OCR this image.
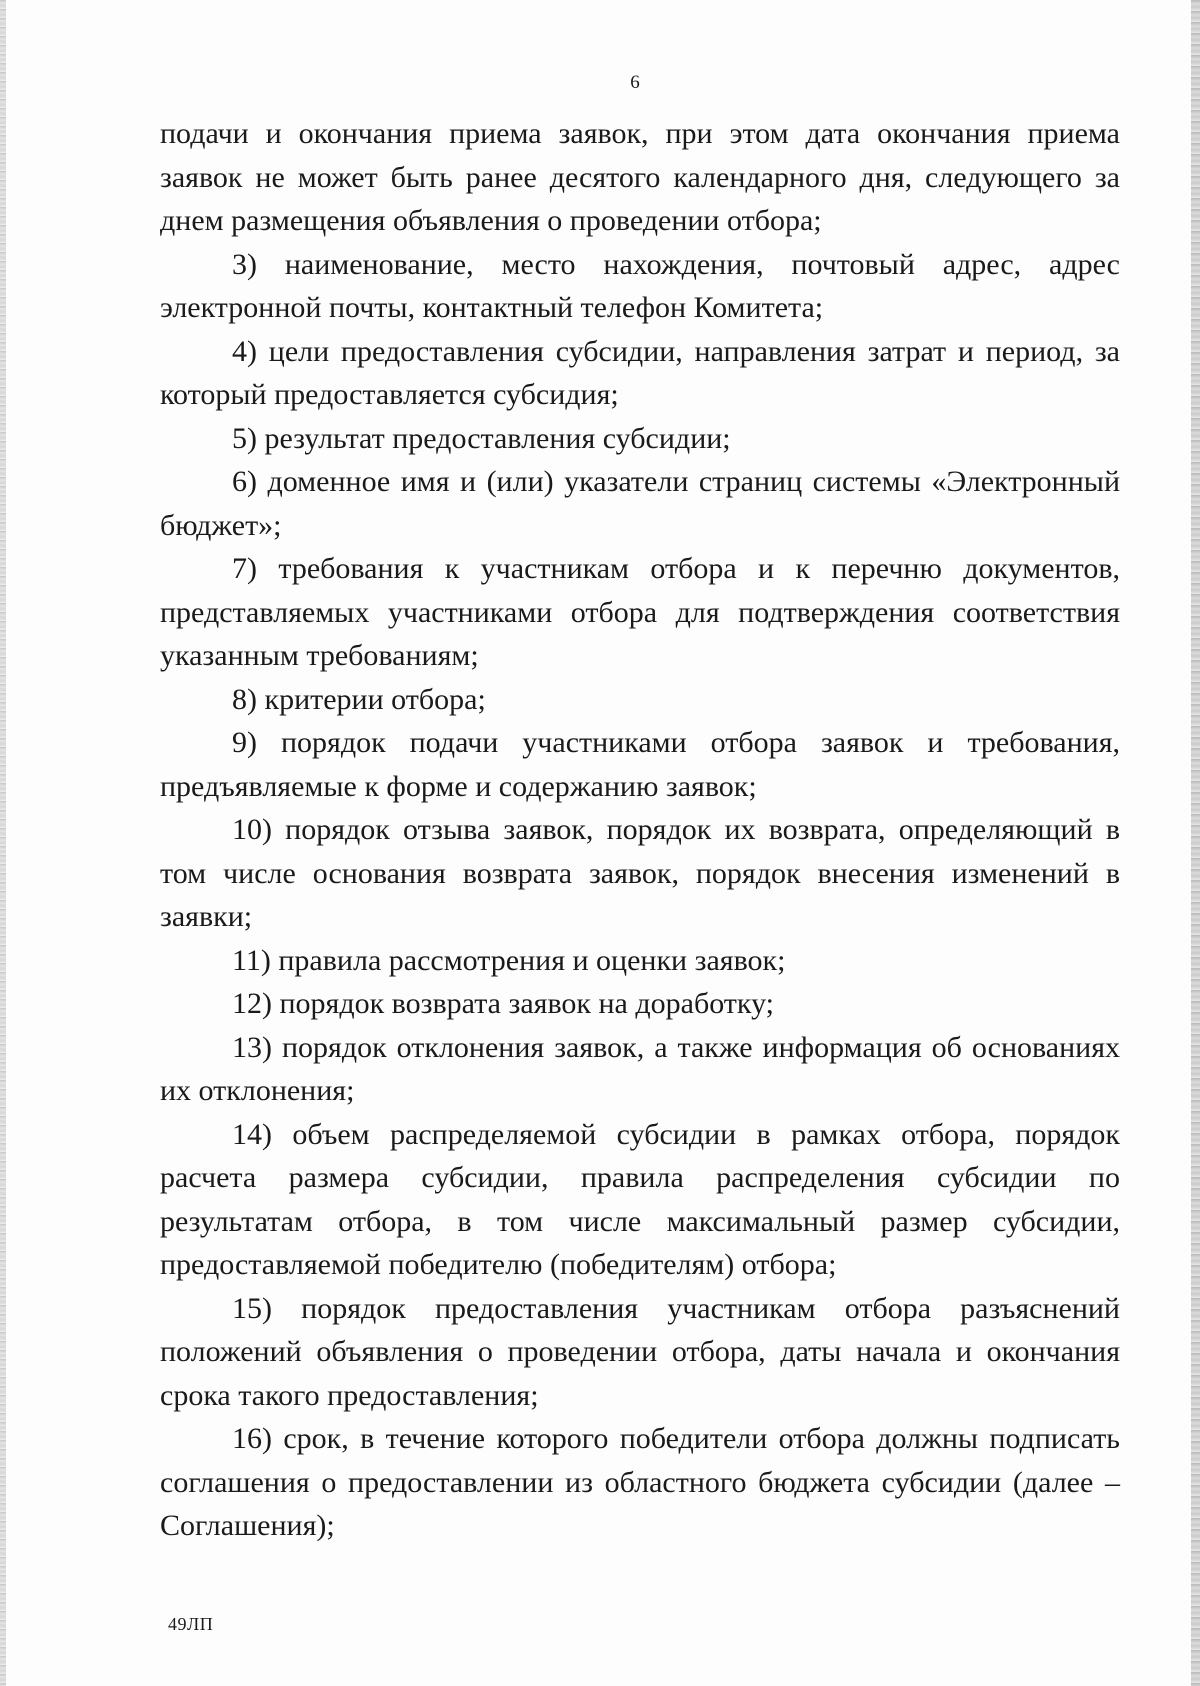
6

подачи и окончания приема заявок, при этом дата окончания приема заявок не может быть ранее десятого календарного дня, следующего за днем размещения объявления о проведении отбора;

3) наименование, место нахождения, почтовый адрес, адрес электронной почты, контактный телефон Комитета;

4) цели предоставления субсидии, направления затрат и период, за который предоставляется субсидия;

5) результат предоставления субсидии;

6) доменное имя и (или) указатели страниц системы «Электронный бюджет»;

7) требования к участникам отбора и к перечню документов, представляемых участниками отбора для подтверждения соответствия указанным требованиям;

8) критерии отбора;

9) порядок подачи участниками отбора заявок и требования, предъявляемые к форме и содержанию заявок;

10) порядок отзыва заявок, порядок их возврата, определяющий в том числе основания возврата заявок, порядок внесения изменений в заявки;

11) правила рассмотрения и оценки заявок;

12) порядок возврата заявок на доработку;

13) порядок отклонения заявок, а также информация об основаниях их отклонения;

14) объем распределяемой субсидии в рамках отбора, порядок расчета размера субсидии, правила распределения субсидии по результатам отбора, в том числе максимальный размер субсидии, предоставляемой победителю (победителям) отбора;

15) порядок предоставления участникам отбора разъяснений положений объявления о проведении отбора, даты начала и окончания срока такого предоставления;

16) срок, в течение которого победители отбора должны подписать соглашения о предоставлении из областного бюджета субсидии (далее – Соглашения);

49ЛП
